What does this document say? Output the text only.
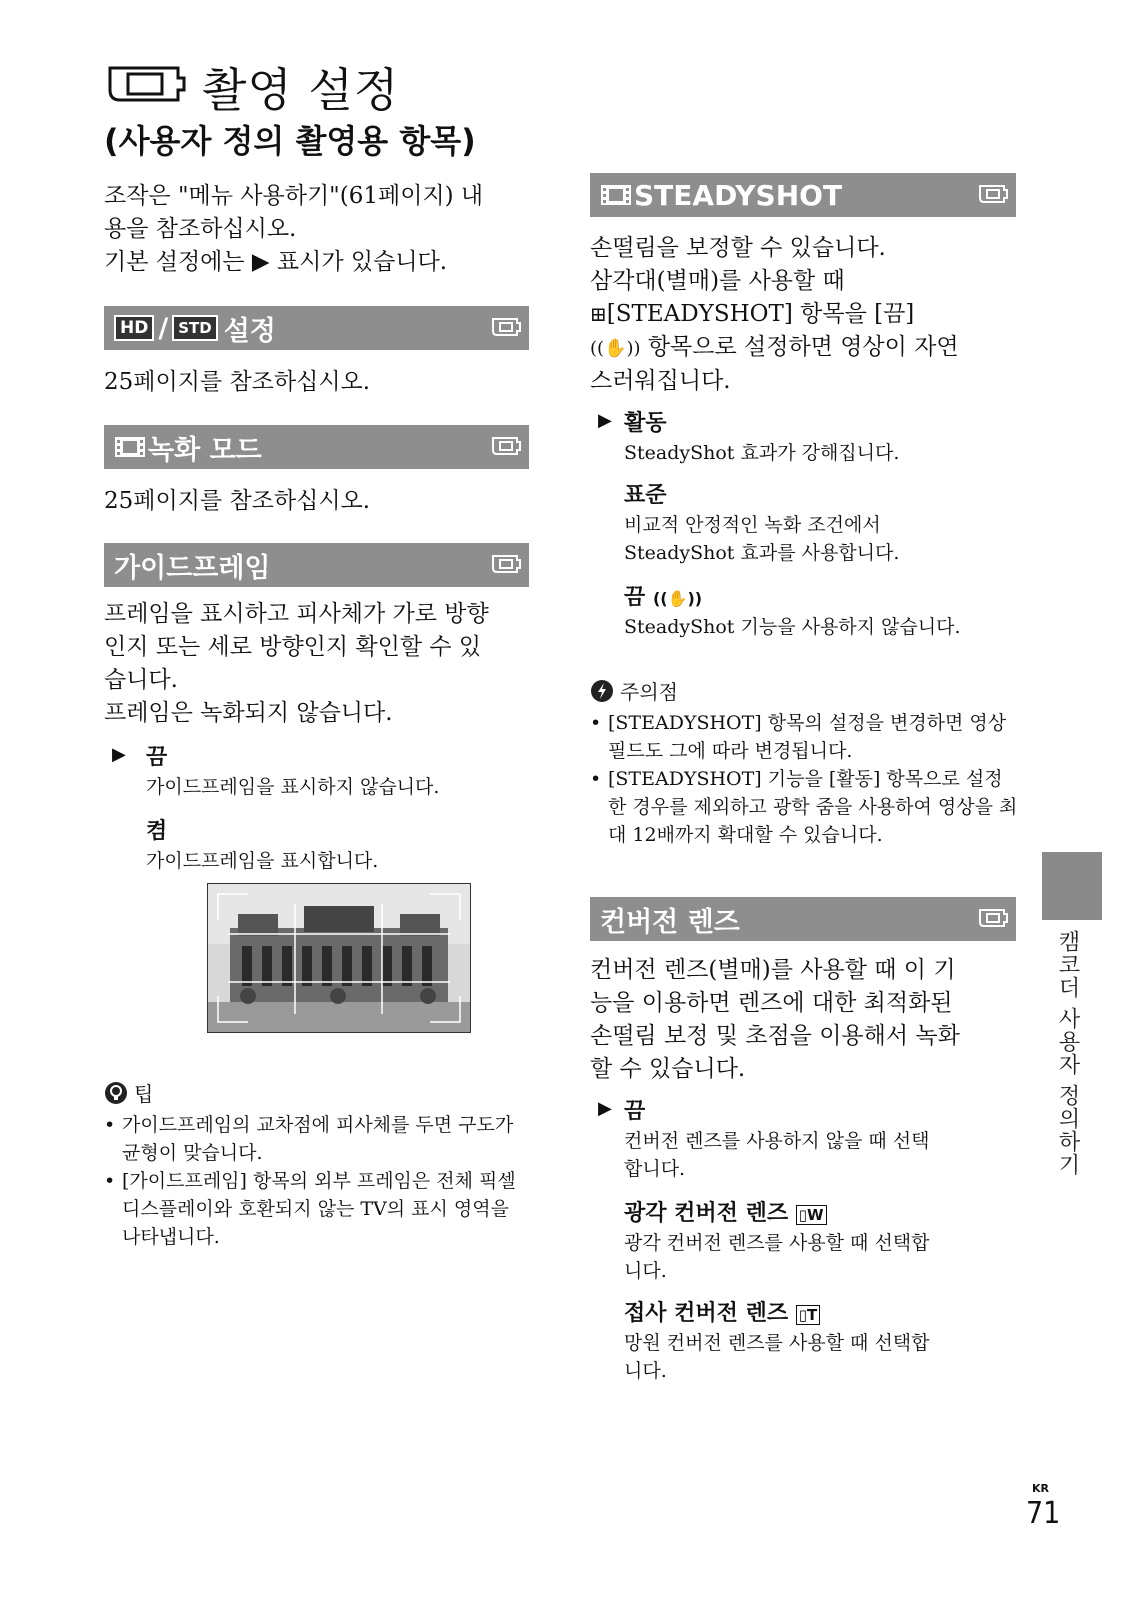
촬영 설정
(사용자 정의 촬영용 항목)

조작은 "메뉴 사용하기"(61페이지) 내

용을 참조하십시오.

기본 설정에는 ▶ 표시가 있습니다.

HD / STD 설정

25페이지를 참조하십시오.

녹화 모드

25페이지를 참조하십시오.

가이드프레임

프레임을 표시하고 피사체가 가로 방향

인지 또는 세로 방향인지 확인할 수 있

습니다.

프레임은 녹화되지 않습니다.

▶ 끔

가이드프레임을 표시하지 않습니다.

켬

가이드프레임을 표시합니다.

팁
• 가이드프레임의 교차점에 피사체를 두면 구도가 균형이 맞습니다.
• [가이드프레임] 항목의 외부 프레임은 전체 픽셀 디스플레이와 호환되지 않는 TV의 표시 영역을 나타냅니다.
STEADYSHOT

손떨림을 보정할 수 있습니다.

삼각대(별매)를 사용할 때

⊞[STEADYSHOT] 항목을 [끔]

((✋)) 항목으로 설정하면 영상이 자연

스러워집니다.

▶ 활동

SteadyShot 효과가 강해집니다.

표준

비교적 안정적인 녹화 조건에서

SteadyShot 효과를 사용합니다.

끔 ((✋))

SteadyShot 기능을 사용하지 않습니다.

주의점
• [STEADYSHOT] 항목의 설정을 변경하면 영상 필드도 그에 따라 변경됩니다.
• [STEADYSHOT] 기능을 [활동] 항목으로 설정한 경우를 제외하고 광학 줌을 사용하여 영상을 최대 12배까지 확대할 수 있습니다.
컨버전 렌즈

컨버전 렌즈(별매)를 사용할 때 이 기

능을 이용하면 렌즈에 대한 최적화된

손떨림 보정 및 초점을 이용해서 녹화

할 수 있습니다.

▶ 끔

컨버전 렌즈를 사용하지 않을 때 선택

합니다.

광각 컨버전 렌즈 ▯W

광각 컨버전 렌즈를 사용할 때 선택합

니다.

접사 컨버전 렌즈 ▯T

망원 컨버전 렌즈를 사용할 때 선택합

니다.

캠코더 사용자 정의하기
KR
71
